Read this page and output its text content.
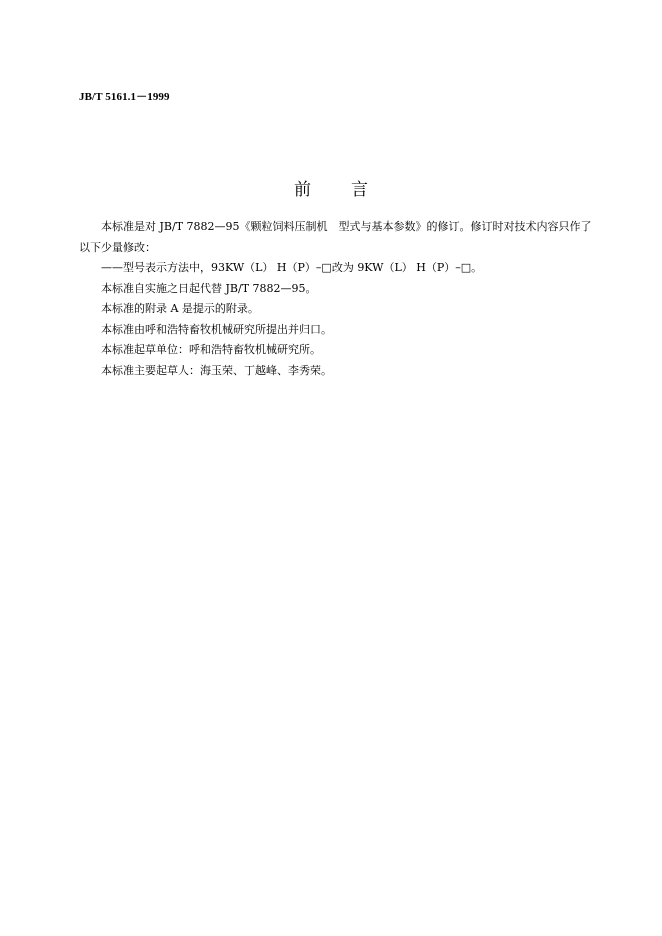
JB/T 5161.1－1999
前 言

本标准是对 JB/T 7882—95《颗粒饲料压制机　型式与基本参数》的修订。修订时对技术内容只作了以下少量修改：

——型号表示方法中，93KW（L） H（P）–□改为 9KW（L） H（P）–□。

本标准自实施之日起代替 JB/T 7882—95。

本标准的附录 A 是提示的附录。

本标准由呼和浩特畜牧机械研究所提出并归口。

本标准起草单位：呼和浩特畜牧机械研究所。

本标准主要起草人：海玉荣、丁越峰、李秀荣。
